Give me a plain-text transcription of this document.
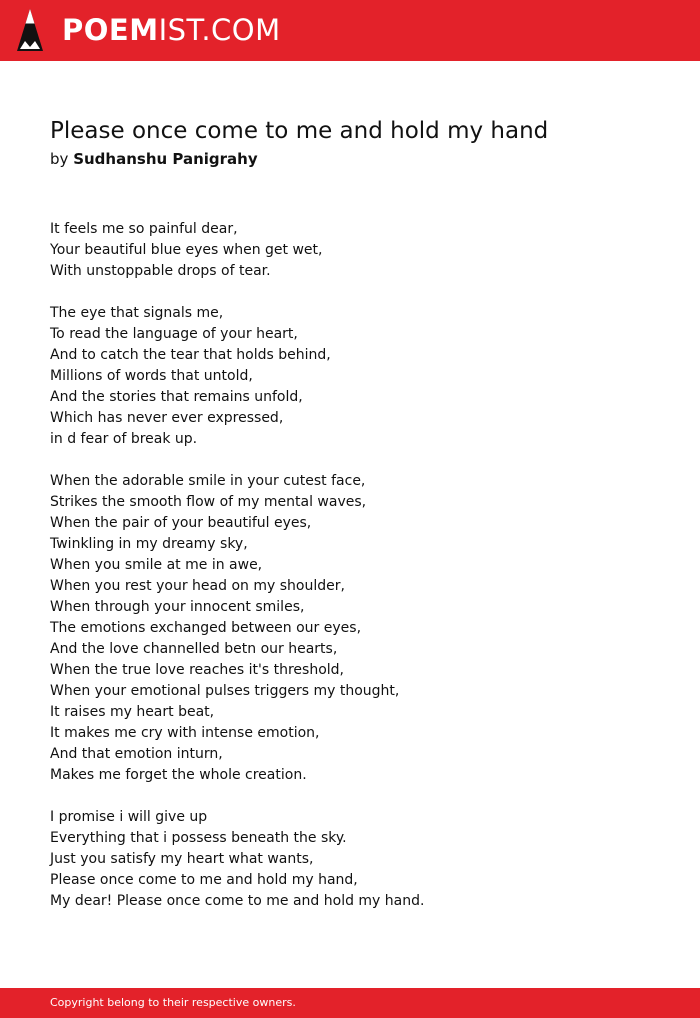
POEMIST.COM
Please once come to me and hold my hand
by Sudhanshu Panigrahy

It feels me so painful dear,
Your beautiful blue eyes when get wet,
With unstoppable drops of tear.

The eye that signals me,
To read the language of your heart,
And to catch the tear that holds behind,
Millions of words that untold,
And the stories that remains unfold,
Which has never ever expressed,
in d fear of break up.

When the adorable smile in your cutest face,
Strikes the smooth flow of my mental waves,
When the pair of your beautiful eyes,
Twinkling in my dreamy sky,
When you smile at me in awe,
When you rest your head on my shoulder,
When through your innocent smiles,
The emotions exchanged between our eyes,
And the love channelled betn our hearts,
When the true love reaches it's threshold,
When your emotional pulses triggers my thought,
It raises my heart beat,
It makes me cry with intense emotion,
And that emotion inturn,
Makes me forget the whole creation.

I promise i will give up
Everything that i possess beneath the sky.
Just you satisfy my heart what wants,
Please once come to me and hold my hand,
My dear! Please once come to me and hold my hand.

Copyright belong to their respective owners.
